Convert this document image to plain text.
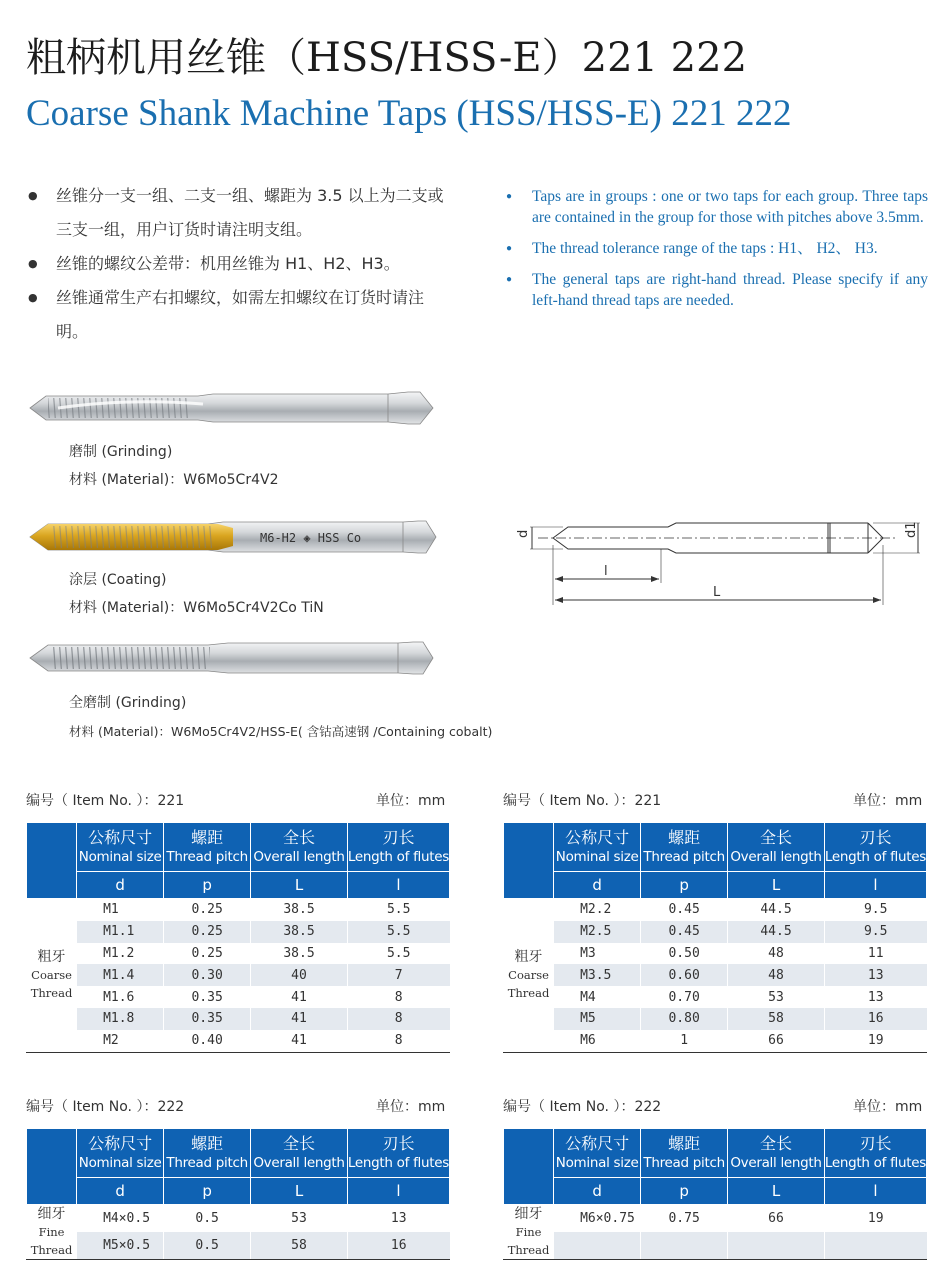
粗柄机用丝锥（HSS/HSS-E）221 222
Coarse Shank Machine Taps (HSS/HSS-E) 221 222
● 丝锥分一支一组、二支一组、螺距为 3.5 以上为二支或三支一组，用户订货时请注明支组。
● 丝锥的螺纹公差带：机用丝锥为 H1、H2、H3。
● 丝锥通常生产右扣螺纹，如需左扣螺纹在订货时请注明。
● Taps are in groups : one or two taps for each group. Three taps are contained in the group for those with pitches above 3.5mm.
● The thread tolerance range of the taps : H1、 H2、 H3.
● The general taps are right-hand thread. Please specify if any left-hand thread taps are needed.
磨制 (Grinding)
材料 (Material)：W6Mo5Cr4V2
M6-H2 ◈ HSS Co
涂层 (Coating)
材料 (Material)：W6Mo5Cr4V2Co TiN
全磨制 (Grinding)
材料 (Material)：W6Mo5Cr4V2/HSS-E( 含钴高速钢 /Containing cobalt)
d	d1
l
L
编号（ Item No. ）：221	单位：mm

	公称尺寸
Nominal size	螺距
Thread pitch	全长
Overall length	刃长
Length of flutes

	d	p	L	l

粗牙
Coarse
Thread	M1	0.25	38.5	5.5
	M1.1	0.25	38.5	5.5
	M1.2	0.25	38.5	5.5
	M1.4	0.30	40	7
	M1.6	0.35	41	8
	M1.8	0.35	41	8
	M2	0.40	41	8
编号（ Item No. ）：221	单位：mm

	公称尺寸
Nominal size	螺距
Thread pitch	全长
Overall length	刃长
Length of flutes

	d	p	L	l

粗牙
Coarse
Thread	M2.2	0.45	44.5	9.5
	M2.5	0.45	44.5	9.5
	M3	0.50	48	11
	M3.5	0.60	48	13
	M4	0.70	53	13
	M5	0.80	58	16
	M6	1	66	19
编号（ Item No. ）：222	单位：mm

	公称尺寸
Nominal size	螺距
Thread pitch	全长
Overall length	刃长
Length of flutes

	d	p	L	l

细牙
Fine
Thread	M4×0.5	0.5	53	13
	M5×0.5	0.5	58	16
编号（ Item No. ）：222	单位：mm

	公称尺寸
Nominal size	螺距
Thread pitch	全长
Overall length	刃长
Length of flutes

	d	p	L	l

细牙
Fine
Thread	M6×0.75	0.75	66	19
